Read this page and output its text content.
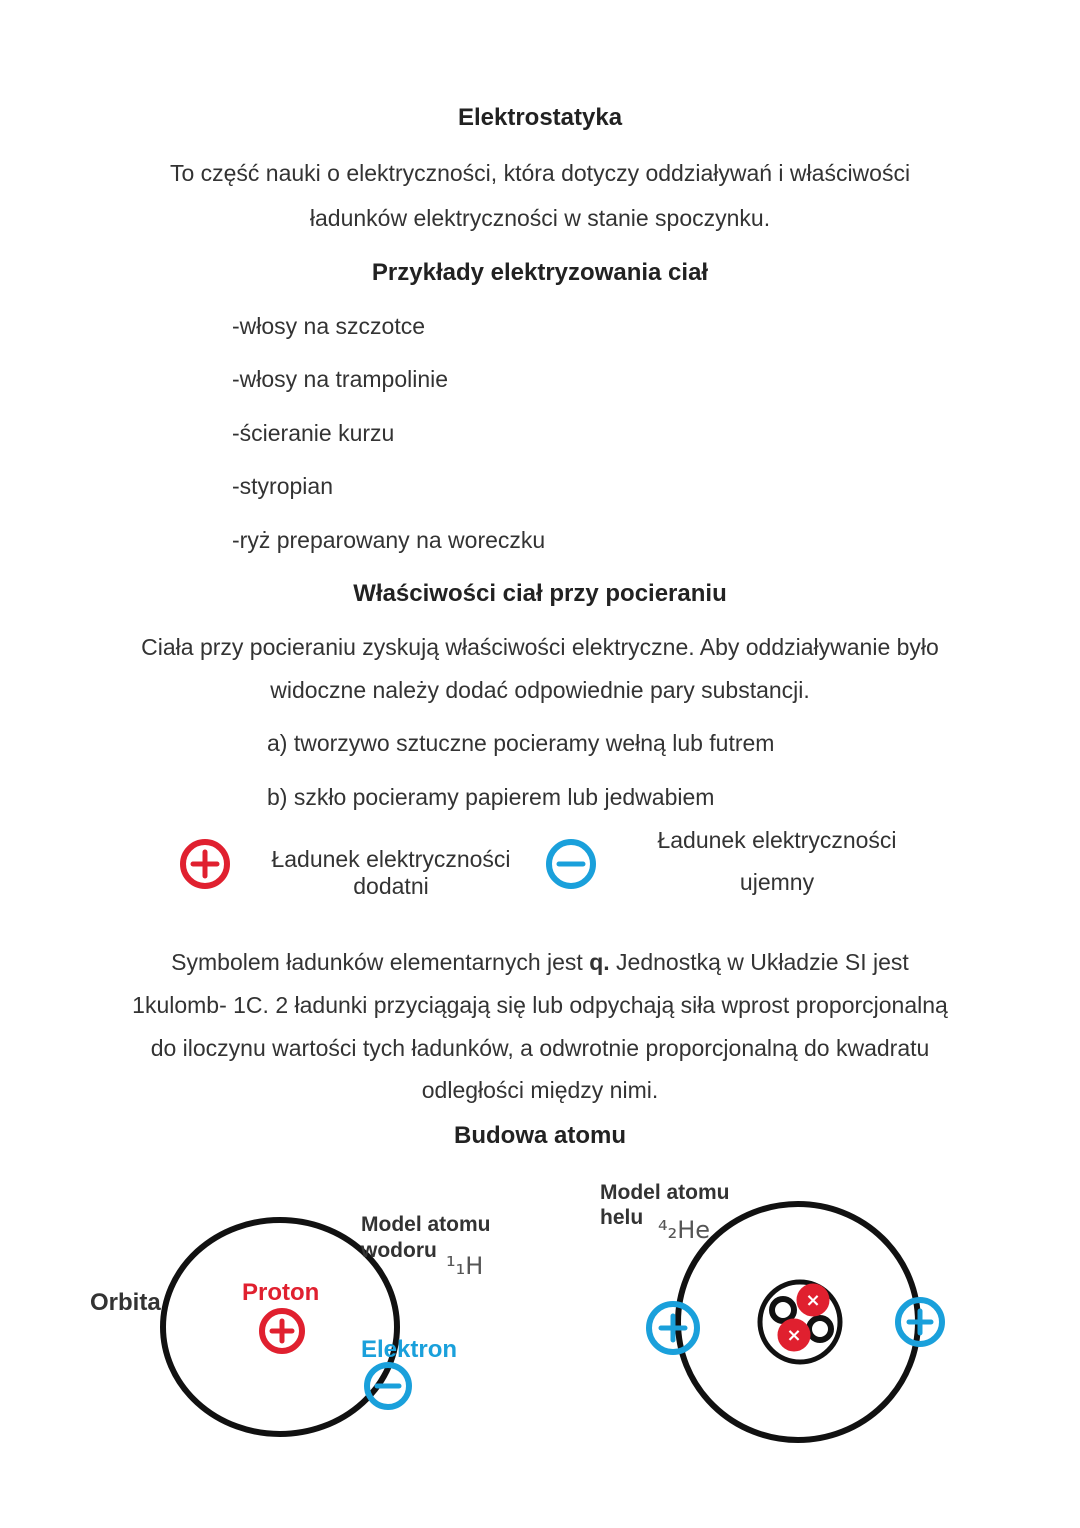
Elektrostatyka
To część nauki o elektryczności, która dotyczy oddziaływań i właściwości
ładunków elektryczności w stanie spoczynku.
Przykłady elektryzowania ciał
-włosy na szczotce
-włosy na trampolinie
-ścieranie kurzu
-styropian
-ryż preparowany na woreczku
Właściwości ciał przy pocieraniu
Ciała przy pocieraniu zyskują właściwości elektryczne. Aby oddziaływanie było
widoczne należy dodać odpowiednie pary substancji.
a) tworzywo sztuczne pocieramy wełną lub futrem
b) szkło pocieramy papierem lub jedwabiem
Ładunek elektryczności
dodatni
Ładunek elektryczności
ujemny
Symbolem ładunków elementarnych jest q. Jednostką w Układzie SI jest
1kulomb- 1C. 2 ładunki przyciągają się lub odpychają siła wprost proporcjonalną
do iloczynu wartości tych ładunków, a odwrotnie proporcjonalną do kwadratu
odległości między nimi.
Budowa atomu
Orbita	Proton
Elektron
Model atomu
wodoru
¹₁H
×
×
Model atomu
helu ⁴₂He
